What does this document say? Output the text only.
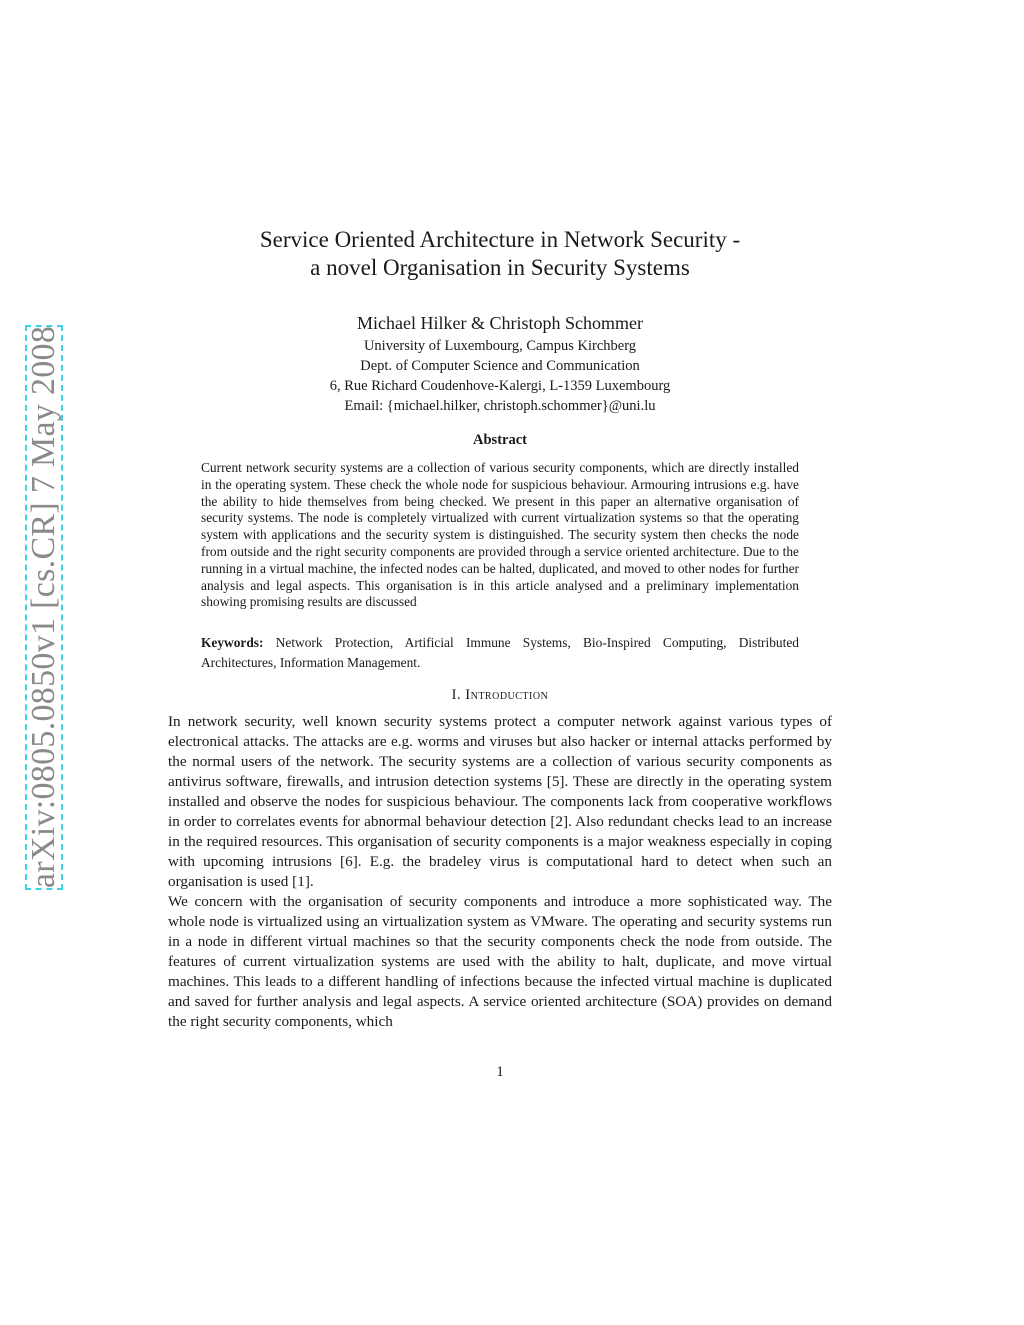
arXiv:0805.0850v1 [cs.CR] 7 May 2008
Service Oriented Architecture in Network Security -
a novel Organisation in Security Systems
Michael Hilker & Christoph Schommer
University of Luxembourg, Campus Kirchberg
Dept. of Computer Science and Communication
6, Rue Richard Coudenhove-Kalergi, L-1359 Luxembourg
Email: {michael.hilker, christoph.schommer}@uni.lu
Abstract
Current network security systems are a collection of various security components, which are directly installed in the operating system. These check the whole node for suspicious behaviour. Armouring intrusions e.g. have the ability to hide themselves from being checked. We present in this paper an alternative organisation of security systems. The node is completely virtualized with current virtualization systems so that the operating system with applications and the security system is distinguished. The security system then checks the node from outside and the right security components are provided through a service oriented architecture. Due to the running in a virtual machine, the infected nodes can be halted, duplicated, and moved to other nodes for further analysis and legal aspects. This organisation is in this article analysed and a preliminary implementation showing promising results are discussed
Keywords: Network Protection, Artificial Immune Systems, Bio-Inspired Computing, Distributed Architectures, Information Management.
I. Introduction

In network security, well known security systems protect a computer network against various types of electronical attacks. The attacks are e.g. worms and viruses but also hacker or internal attacks performed by the normal users of the network. The security systems are a collection of various security components as antivirus software, firewalls, and intrusion detection systems [5]. These are directly in the operating system installed and observe the nodes for suspicious behaviour. The components lack from cooperative workflows in order to correlates events for abnormal behaviour detection [2]. Also redundant checks lead to an increase in the required resources. This organisation of security components is a major weakness especially in coping with upcoming intrusions [6]. E.g. the bradeley virus is computational hard to detect when such an organisation is used [1].

We concern with the organisation of security components and introduce a more sophisticated way. The whole node is virtualized using an virtualization system as VMware. The operating and security systems run in a node in different virtual machines so that the security components check the node from outside. The features of current virtualization systems are used with the ability to halt, duplicate, and move virtual machines. This leads to a different handling of infections because the infected virtual machine is duplicated and saved for further analysis and legal aspects. A service oriented architecture (SOA) provides on demand the right security components, which

1
